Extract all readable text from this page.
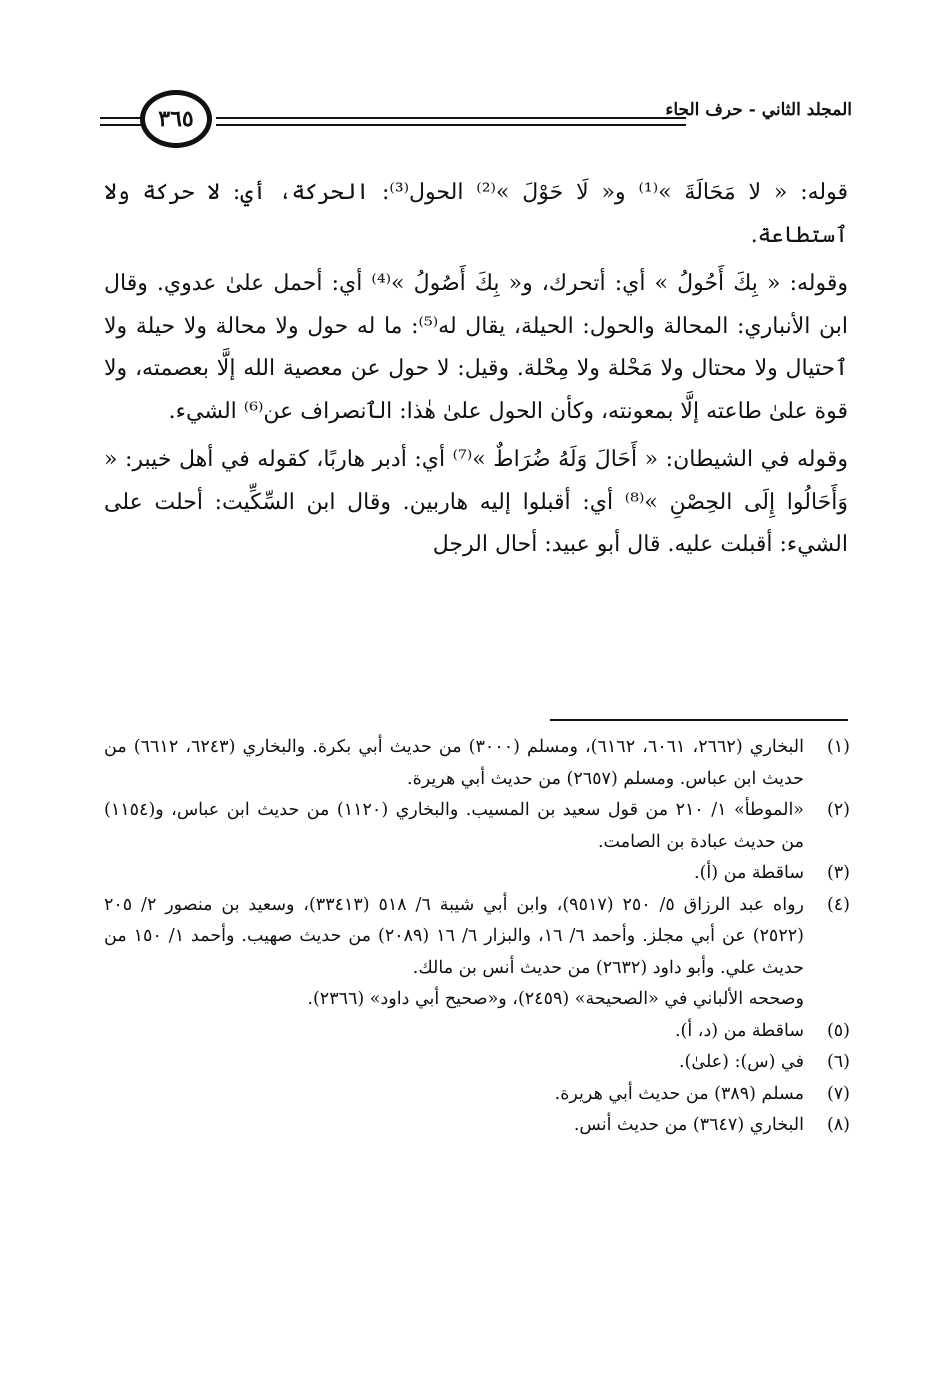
٣٦٥	المجلد الثاني - حرف الحاء

قوله: « لا مَحَالَةَ »⁽¹⁾ و« لَا حَوْلَ »⁽²⁾ الحول⁽³⁾: الحركة، أي: لا حركة ولا ٱستطاعة.

وقوله: « بِكَ أَحُولُ » أي: أتحرك، و« بِكَ أَصُولُ »⁽⁴⁾ أي: أحمل علىٰ عدوي. وقال ابن الأنباري: المحالة والحول: الحيلة، يقال له⁽⁵⁾: ما له حول ولا محالة ولا حيلة ولا ٱحتيال ولا محتال ولا مَحْلة ولا مِحْلة. وقيل: لا حول عن معصية الله إلَّا بعصمته، ولا قوة علىٰ طاعته إلَّا بمعونته، وكأن الحول علىٰ هٰذا: الٱنصراف عن⁽⁶⁾ الشيء.

وقوله في الشيطان: « أَحَالَ وَلَهُ ضُرَاطٌ »⁽⁷⁾ أي: أدبر هاربًا، كقوله في أهل خيبر: « وَأَحَالُوا إِلَى الحِصْنِ »⁽⁸⁾ أي: أقبلوا إليه هاربين. وقال ابن السِّكِّيت: أحلت على الشيء: أقبلت عليه. قال أبو عبيد: أحال الرجل

(١)
البخاري (٢٦٦٢، ٦٠٦١، ٦١٦٢)، ومسلم (٣٠٠٠) من حديث أبي بكرة. والبخاري (٦٢٤٣، ٦٦١٢) من حديث ابن عباس. ومسلم (٢٦٥٧) من حديث أبي هريرة.
(٢)
«الموطأ» ١/ ٢١٠ من قول سعيد بن المسيب. والبخاري (١١٢٠) من حديث ابن عباس، و(١١٥٤) من حديث عبادة بن الصامت.
(٣)
ساقطة من (أ).
(٤)
رواه عبد الرزاق ٥/ ٢٥٠ (٩٥١٧)، وابن أبي شيبة ٦/ ٥١٨ (٣٣٤١٣)، وسعيد بن منصور ٢/ ٢٠٥ (٢٥٢٢) عن أبي مجلز. وأحمد ٦/ ١٦، والبزار ٦/ ١٦ (٢٠٨٩) من حديث صهيب. وأحمد ١/ ١٥٠ من حديث علي. وأبو داود (٢٦٣٢) من حديث أنس بن مالك.
وصححه الألباني في «الصحيحة» (٢٤٥٩)، و«صحيح أبي داود» (٢٣٦٦).
(٥)
ساقطة من (د، أ).
(٦)
في (س): (علىٰ).
(٧)
مسلم (٣٨٩) من حديث أبي هريرة.
(٨)
البخاري (٣٦٤٧) من حديث أنس.
